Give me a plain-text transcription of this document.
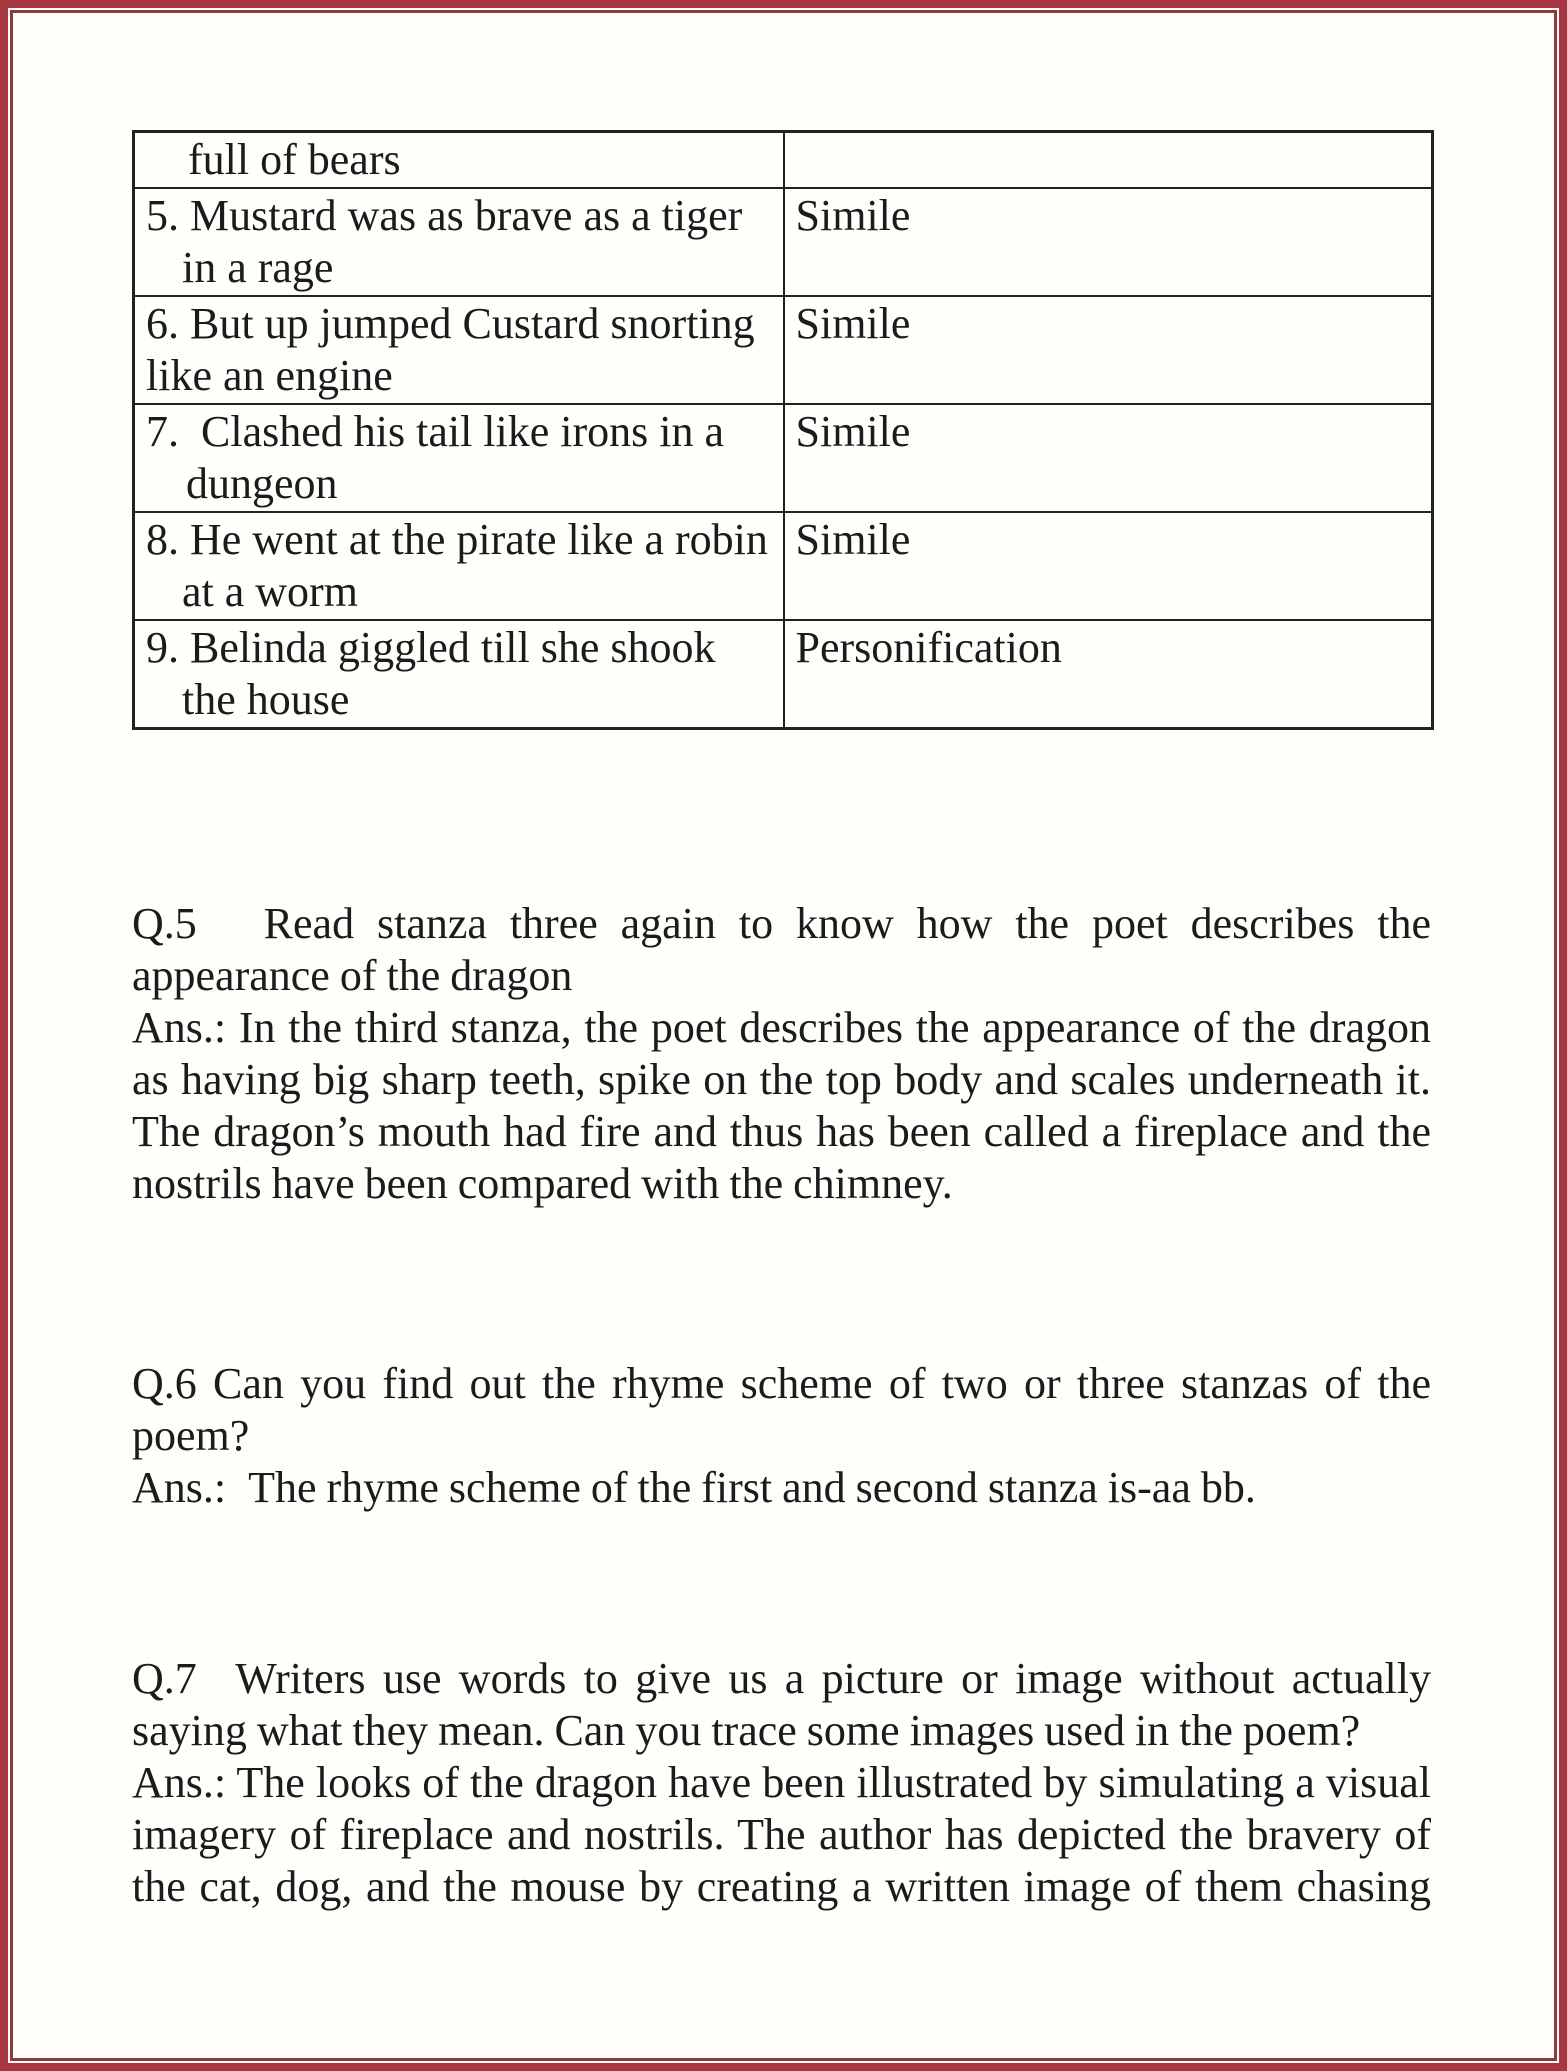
full of bears	

5. Mustard was as brave as a tiger
in a rage	Simile

6. But up jumped Custard snorting
like an engine	Simile

7. Clashed his tail like irons in a
dungeon	Simile

8. He went at the pirate like a robin
at a worm	Simile

9. Belinda giggled till she shook
the house	Personification
Q.5  Read stanza three again to know how the poet describes the
appearance of the dragon
Ans.: In the third stanza, the poet describes the appearance of the dragon
as having big sharp teeth, spike on the top body and scales underneath it.
The dragon’s mouth had fire and thus has been called a fireplace and the
nostrils have been compared with the chimney.
Q.6 Can you find out the rhyme scheme of two or three stanzas of the
poem?
Ans.: The rhyme scheme of the first and second stanza is-aa bb.
Q.7  Writers use words to give us a picture or image without actually
saying what they mean. Can you trace some images used in the poem?
Ans.: The looks of the dragon have been illustrated by simulating a visual
imagery of fireplace and nostrils. The author has depicted the bravery of
the cat, dog, and the mouse by creating a written image of them chasing
